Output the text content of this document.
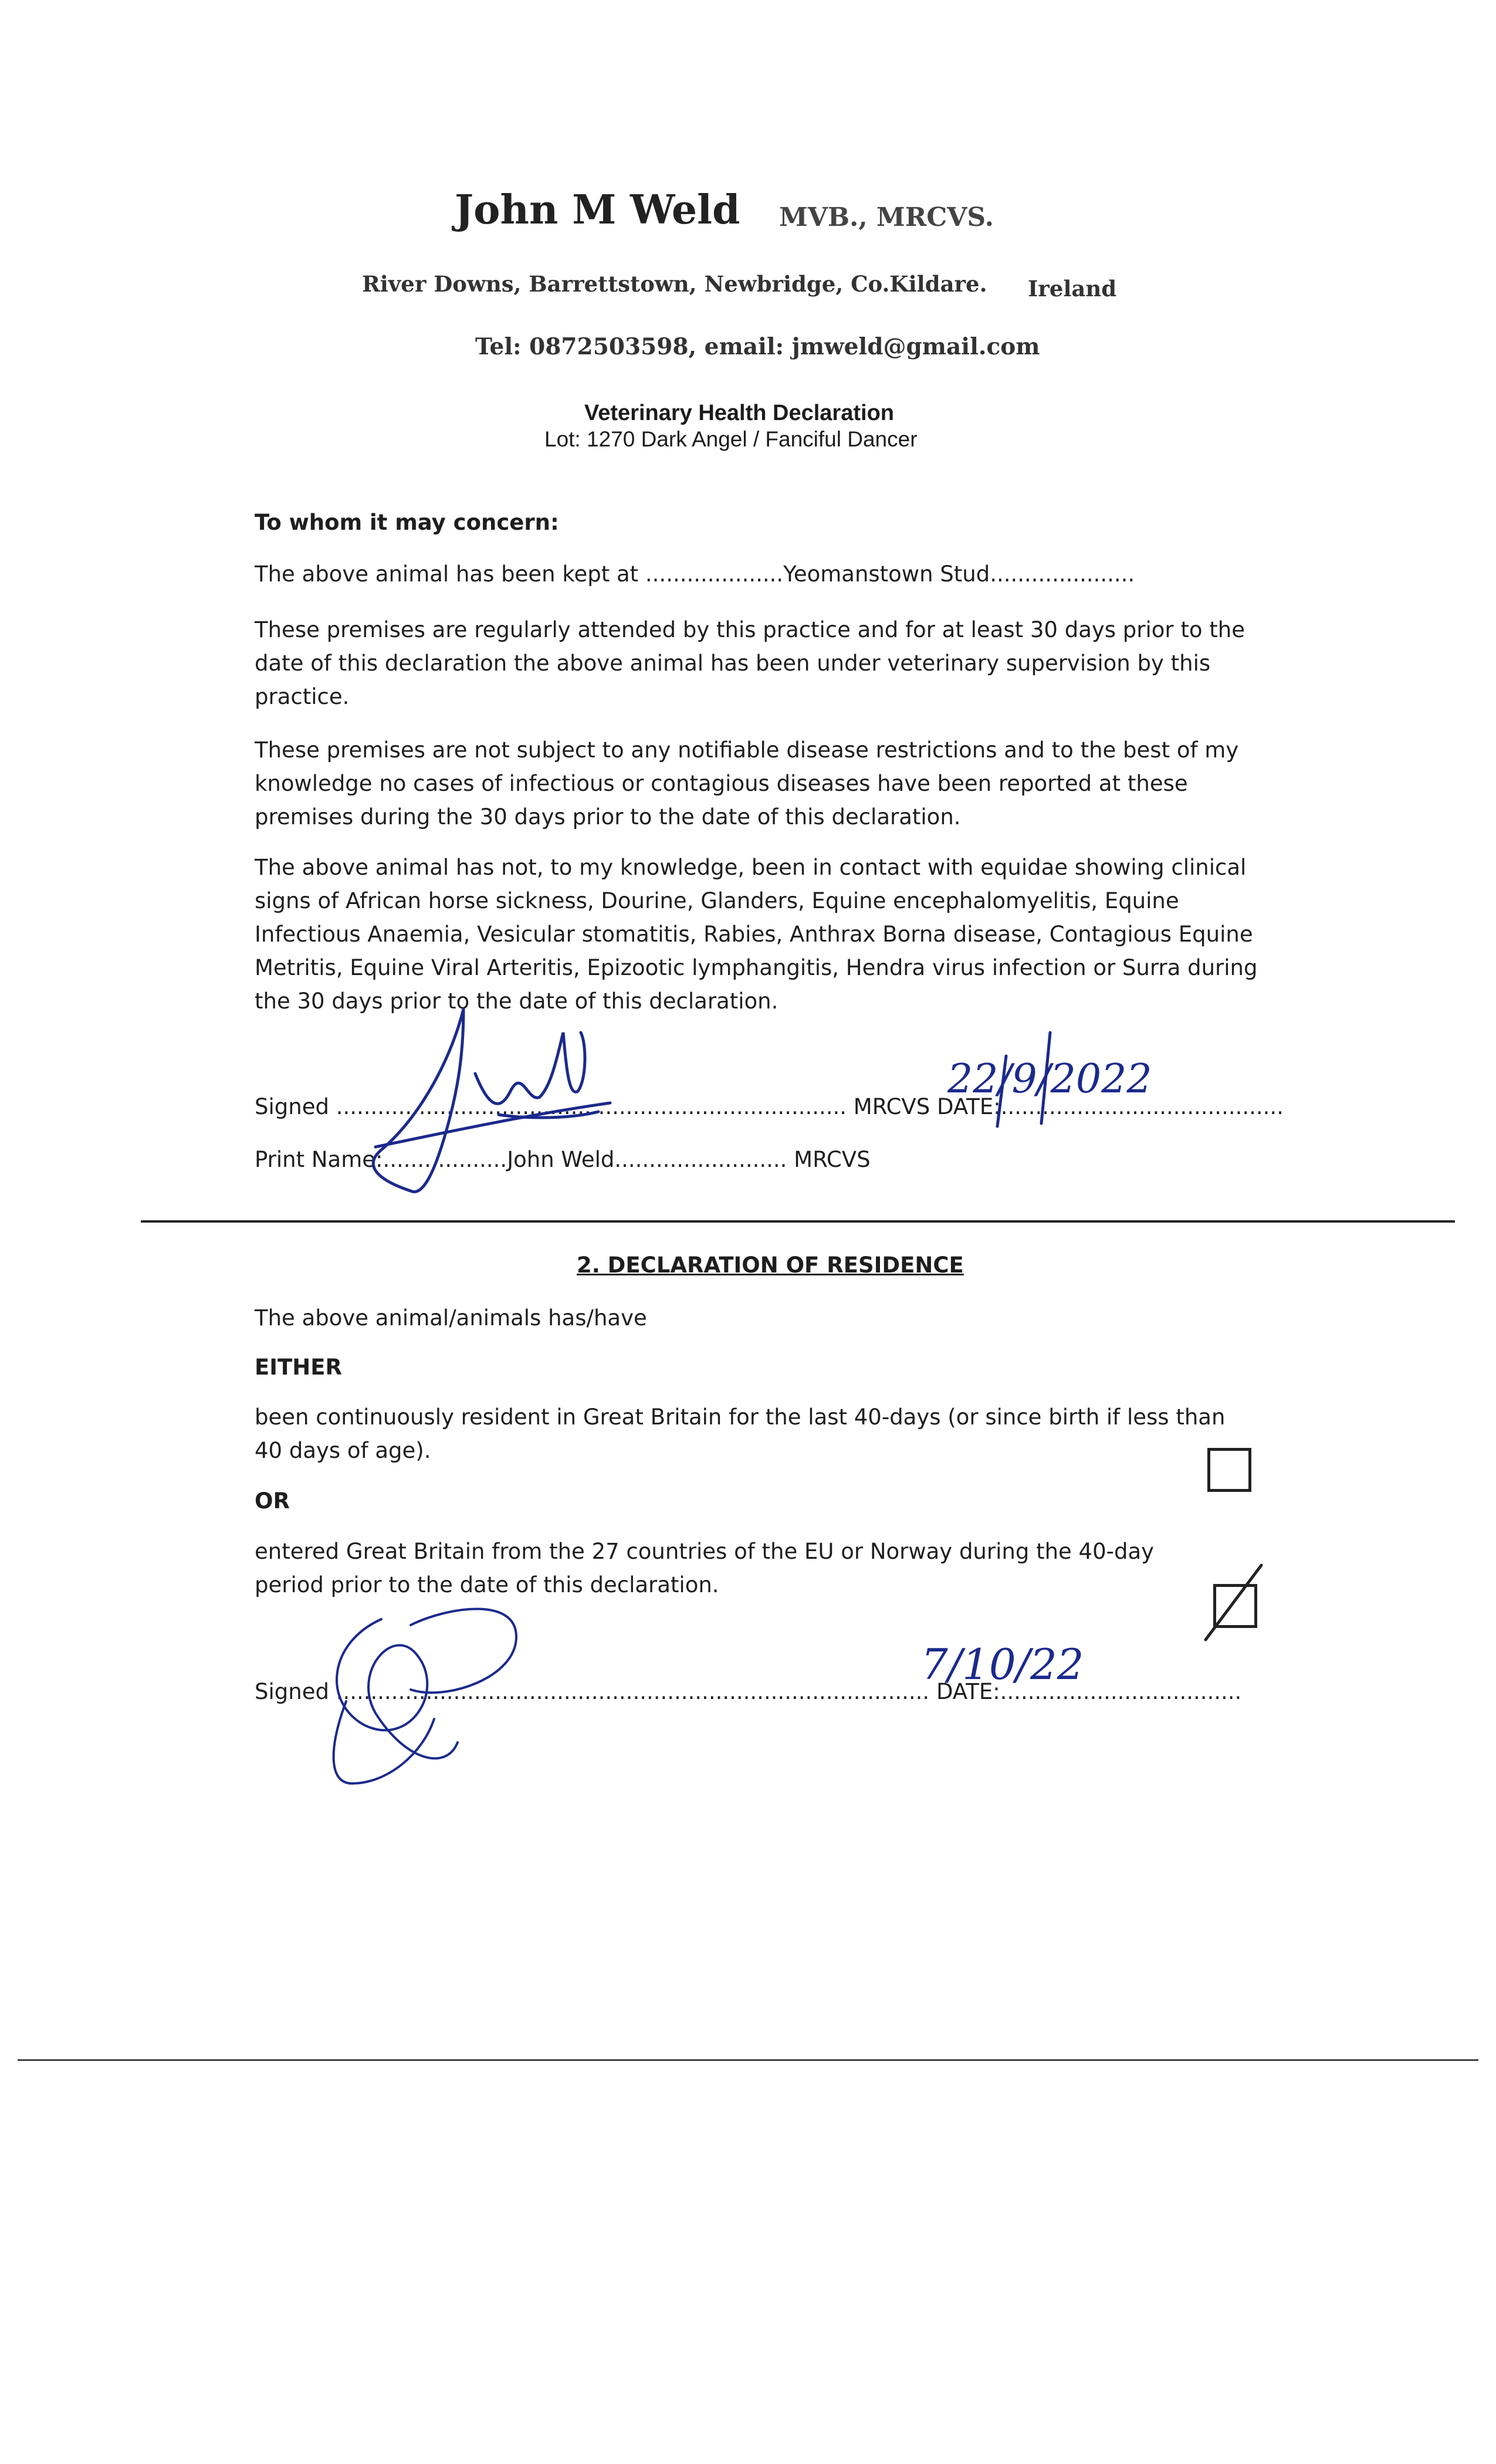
John M Weld MVB., MRCVS.
River Downs, Barrettstown, Newbridge, Co.Kildare. Ireland
Tel: 0872503598, email: jmweld@gmail.com
Veterinary Health Declaration
Lot: 1270 Dark Angel / Fanciful Dancer
To whom it may concern:
The above animal has been kept at ....................Yeomanstown Stud.....................
These premises are regularly attended by this practice and for at least 30 days prior to the date of this declaration the above animal has been under veterinary supervision by this practice.
These premises are not subject to any notifiable disease restrictions and to the best of my knowledge no cases of infectious or contagious diseases have been reported at these premises during the 30 days prior to the date of this declaration.
The above animal has not, to my knowledge, been in contact with equidae showing clinical signs of African horse sickness, Dourine, Glanders, Equine encephalomyelitis, Equine Infectious Anaemia, Vesicular stomatitis, Rabies, Anthrax Borna disease, Contagious Equine Metritis, Equine Viral Arteritis, Epizootic lymphangitis, Hendra virus infection or Surra during the 30 days prior to the date of this declaration.
Signed .......................................................................... MRCVS DATE:.........................................
22/9/2022
Print Name:..................John Weld......................... MRCVS
2. DECLARATION OF RESIDENCE
The above animal/animals has/have
EITHER
been continuously resident in Great Britain for the last 40-days (or since birth if less than 40 days of age).
OR
entered Great Britain from the 27 countries of the EU or Norway during the 40-day period prior to the date of this declaration.
Signed ...................................................................................... DATE:...................................
7/10/22
